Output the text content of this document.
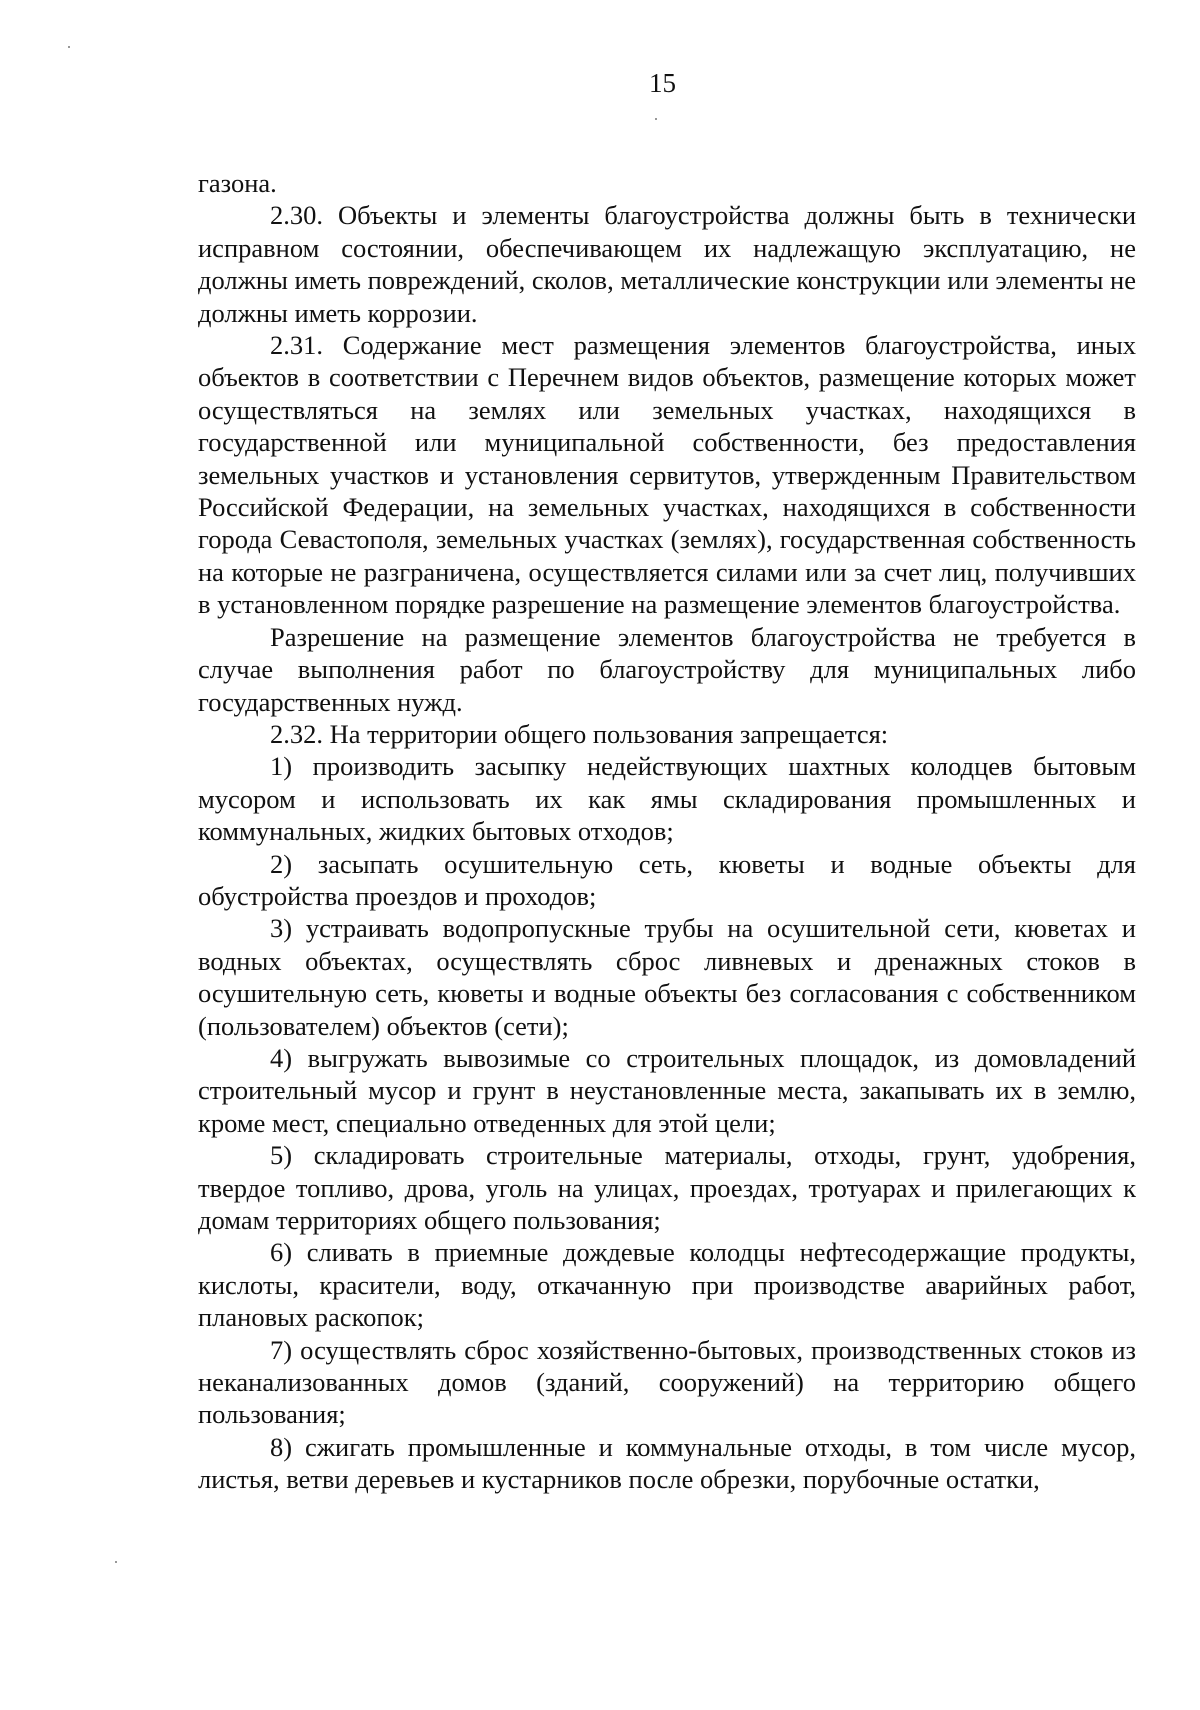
15

газона.

2.30. Объекты и элементы благоустройства должны быть в технически исправном состоянии, обеспечивающем их надлежащую эксплуатацию, не должны иметь повреждений, сколов, металлические конструкции или элементы не должны иметь коррозии.

2.31. Содержание мест размещения элементов благоустройства, иных объектов в соответствии с Перечнем видов объектов, размещение которых может осуществляться на землях или земельных участках, находящихся в государственной или муниципальной собственности, без предоставления земельных участков и установления сервитутов, утвержденным Правительством Российской Федерации, на земельных участках, находящихся в собственности города Севастополя, земельных участках (землях), государственная собственность на которые не разграничена, осуществляется силами или за счет лиц, получивших в установленном порядке разрешение на размещение элементов благоустройства.

Разрешение на размещение элементов благоустройства не требуется в случае выполнения работ по благоустройству для муниципальных либо государственных нужд.

2.32. На территории общего пользования запрещается:

1) производить засыпку недействующих шахтных колодцев бытовым мусором и использовать их как ямы складирования промышленных и коммунальных, жидких бытовых отходов;

2) засыпать осушительную сеть, кюветы и водные объекты для обустройства проездов и проходов;

3) устраивать водопропускные трубы на осушительной сети, кюветах и водных объектах, осуществлять сброс ливневых и дренажных стоков в осушительную сеть, кюветы и водные объекты без согласования с собственником (пользователем) объектов (сети);

4) выгружать вывозимые со строительных площадок, из домовладений строительный мусор и грунт в неустановленные места, закапывать их в землю, кроме мест, специально отведенных для этой цели;

5) складировать строительные материалы, отходы, грунт, удобрения, твердое топливо, дрова, уголь на улицах, проездах, тротуарах и прилегающих к домам территориях общего пользования;

6) сливать в приемные дождевые колодцы нефтесодержащие продукты, кислоты, красители, воду, откачанную при производстве аварийных работ, плановых раскопок;

7) осуществлять сброс хозяйственно-бытовых, производственных стоков из неканализованных домов (зданий, сооружений) на территорию общего пользования;

8) сжигать промышленные и коммунальные отходы, в том числе мусор, листья, ветви деревьев и кустарников после обрезки, порубочные остатки,
